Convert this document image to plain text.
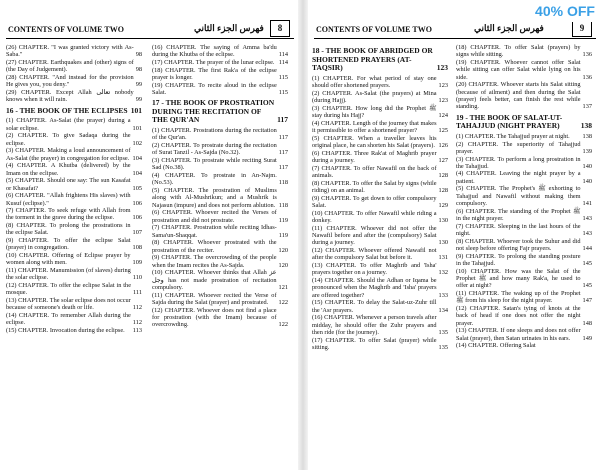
CONTENTS OF VOLUME TWO	فهرس الجزء الثاني	8
(26) CHAPTER. "I was granted victory with As-Saba."	98
(27) CHAPTER. Earthquakes and (other) signs of (the Day of Judgement).	98
(28) CHAPTER. "And instead for the provision He gives you, you deny."	99
(29) CHAPTER. Except Allah تعالى nobody knows when it will rain.	99
16 - THE BOOK OF THE ECLIPSES 101
(1) CHAPTER. As-Salat (the prayer) during a solar eclipse.	101
(2) CHAPTER. To give Sadaqa during the eclipse.	102
(3) CHAPTER. Making a loud announcement of As-Salat (the prayer) in congregation for eclipse. 104
(4) CHAPTER. A Khutba (delivered) by the Imam on the eclipse.	104
(5) CHAPTER. Should one say: The sun Kasafat or Khasafat?	105
(6) CHAPTER. "Allah frightens His slaves) with Kusuf (eclipse)."	106
(7) CHAPTER. To seek refuge with Allah from the torment in the grave during the eclipse.	106
(8) CHAPTER. To prolong the prostrations in the eclipse Salat.	107
(9) CHAPTER. To offer the eclipse Salat (prayer) in congregation.	108
(10) CHAPTER. Offering of Eclipse prayer by women along with men.	109
(11) CHAPTER. Manumission (of slaves) during the solar eclipse.	110
(12) CHAPTER. To offer the eclipse Salat in the mosque.	111
(13) CHAPTER. The solar eclipse does not occur because of someone's death or life.	112
(14) CHAPTER. To remember Allah during the eclipse.	112
(15) CHAPTER. Invocation during the eclipse.	113
(16) CHAPTER. The saying of Amma ba'du during the Khutba of the eclipse.	114
(17) CHAPTER. The prayer of the lunar eclipse. 114
(18) CHAPTER. The first Rak'a of the eclipse prayer is longer.	115
(19) CHAPTER. To recite aloud in the eclipse Salat.	115
17 - THE BOOK OF PROSTRATION DURING THE RECITATION OF THE QUR'AN	117
(1) CHAPTER. Prostrations during the recitation of the Qur'an.	117
(2) CHAPTER. To prostrate during the recitation of Surat Tanzil - As-Sajda (No.32).	117
(3) CHAPTER. To prostrate while reciting Surat Sad (No.38).	117
(4) CHAPTER. To prostrate in An-Najm. (No.53).	118
(5) CHAPTER. The prostration of Muslims along with Al-Mushrikun; and a Mushrik is Najasun (impure) and does not perform ablution. 118
(6) CHAPTER. Whoever recited the Verses of prostration and did not prostrate.	119
(7) CHAPTER. Prostration while reciting Idhas-Sama'un-Shaqqat.	119
(8) CHAPTER. Whoever prostrated with the prostration of the reciter.	120
(9) CHAPTER. The overcrowding of the people when the Imam recites the As-Sajda.	120
(10) CHAPTER. Whoever thinks that Allah عز وجل has not made prostration of recitation compulsory.	121
(11) CHAPTER. Whoever recited the Verse of Sajda during the Salat (prayer) and prostrated.	122
(12) CHAPTER. Whoever does not find a place for prostration (with the Imam) because of overcrowding.	122
CONTENTS OF VOLUME TWO	فهرس الجزء الثاني	9
18 - THE BOOK OF ABRIDGED OR SHORTENED PRAYERS (AT-TAQSIR)	123
(1) CHAPTER. For what period of stay one should offer shortened prayers.	123
(2) CHAPTER. As-Salat (the prayers) at Mina (during Hajj).	123
(3) CHAPTER. How long did the Prophet ﷺ stay during his Hajj?	124
(4) CHAPTER. Length of the journey that makes it permissible to offer a shortened prayer?	125
(5) CHAPTER. When a traveller leaves his original place, he can shorten his Salat (prayers). 126
(6) CHAPTER. Three Rak'at of Maghrib prayer during a journey.	127
(7) CHAPTER. To offer Nawafil on the back of animals.	128
(8) CHAPTER. To offer the Salat by signs (while riding) on an animal.	128
(9) CHAPTER. To get down to offer compulsory Salat.	129
(10) CHAPTER. To offer Nawafil while riding a donkey.	130
(11) CHAPTER. Whoever did not offer the Nawafil before and after the (compulsory) Salat during a journey.	130
(12) CHAPTER. Whoever offered Nawafil not after the compulsory Salat but before it.	131
(13) CHAPTER. To offer Maghrib and 'Isha' prayers together on a journey.	132
(14) CHAPTER. Should the Adhan or Iqama be pronounced when the Maghrib and 'Isha' prayers are offered together?	133
(15) CHAPTER. To delay the Salat-uz-Zuhr till the 'Asr prayers.	134
(16) CHAPTER. Whenever a person travels after midday, he should offer the Zuhr prayers and then ride (for the journey).	135
(17) CHAPTER. To offer Salat (prayer) while sitting.	135
(18) CHAPTER. To offer Salat (prayers) by signs while sitting.	136
(19) CHAPTER. Whoever cannot offer Salat while sitting can offer Salat while lying on his side.	136
(20) CHAPTER. Whoever starts his Salat sitting (because of ailment) and then during the Salat (prayer) feels better, can finish the rest while standing.	137
19 - THE BOOK OF SALAT-UT-TAHAJJUD (NIGHT PRAYER)	138
(1) CHAPTER. The Tahajjud prayer at night.	138
(2) CHAPTER. The superiority of Tahajjud prayer.	139
(3) CHAPTER. To perform a long prostration in the Tahajjud.	140
(4) CHAPTER. Leaving the night prayer by a patient.	140
(5) CHAPTER. The Prophet's ﷺ exhorting to Tahajjud and Nawafil without making them compulsory.	141
(6) CHAPTER. The standing of the Prophet ﷺ in the night prayer.	143
(7) CHAPTER. Sleeping in the last hours of the night.	143
(8) CHAPTER. Whoever took the Suhur and did not sleep before offering Fajr prayers.	144
(9) CHAPTER. To prolong the standing posture in the Tahajjud.	145
(10) CHAPTER. How was the Salat of the Prophet ﷺ and how many Rak'a, he used to offer at night?	145
(11) CHAPTER. The waking up of the Prophet ﷺ from his sleep for the night prayer.	147
(12) CHAPTER. Satan's tying of knots at the back of head if one does not offer the night prayer.	148
(13) CHAPTER. If one sleeps and does not offer Salat (prayer), then Satan urinates in his ears.	149
(14) CHAPTER. Offering Salat
40% OFF
